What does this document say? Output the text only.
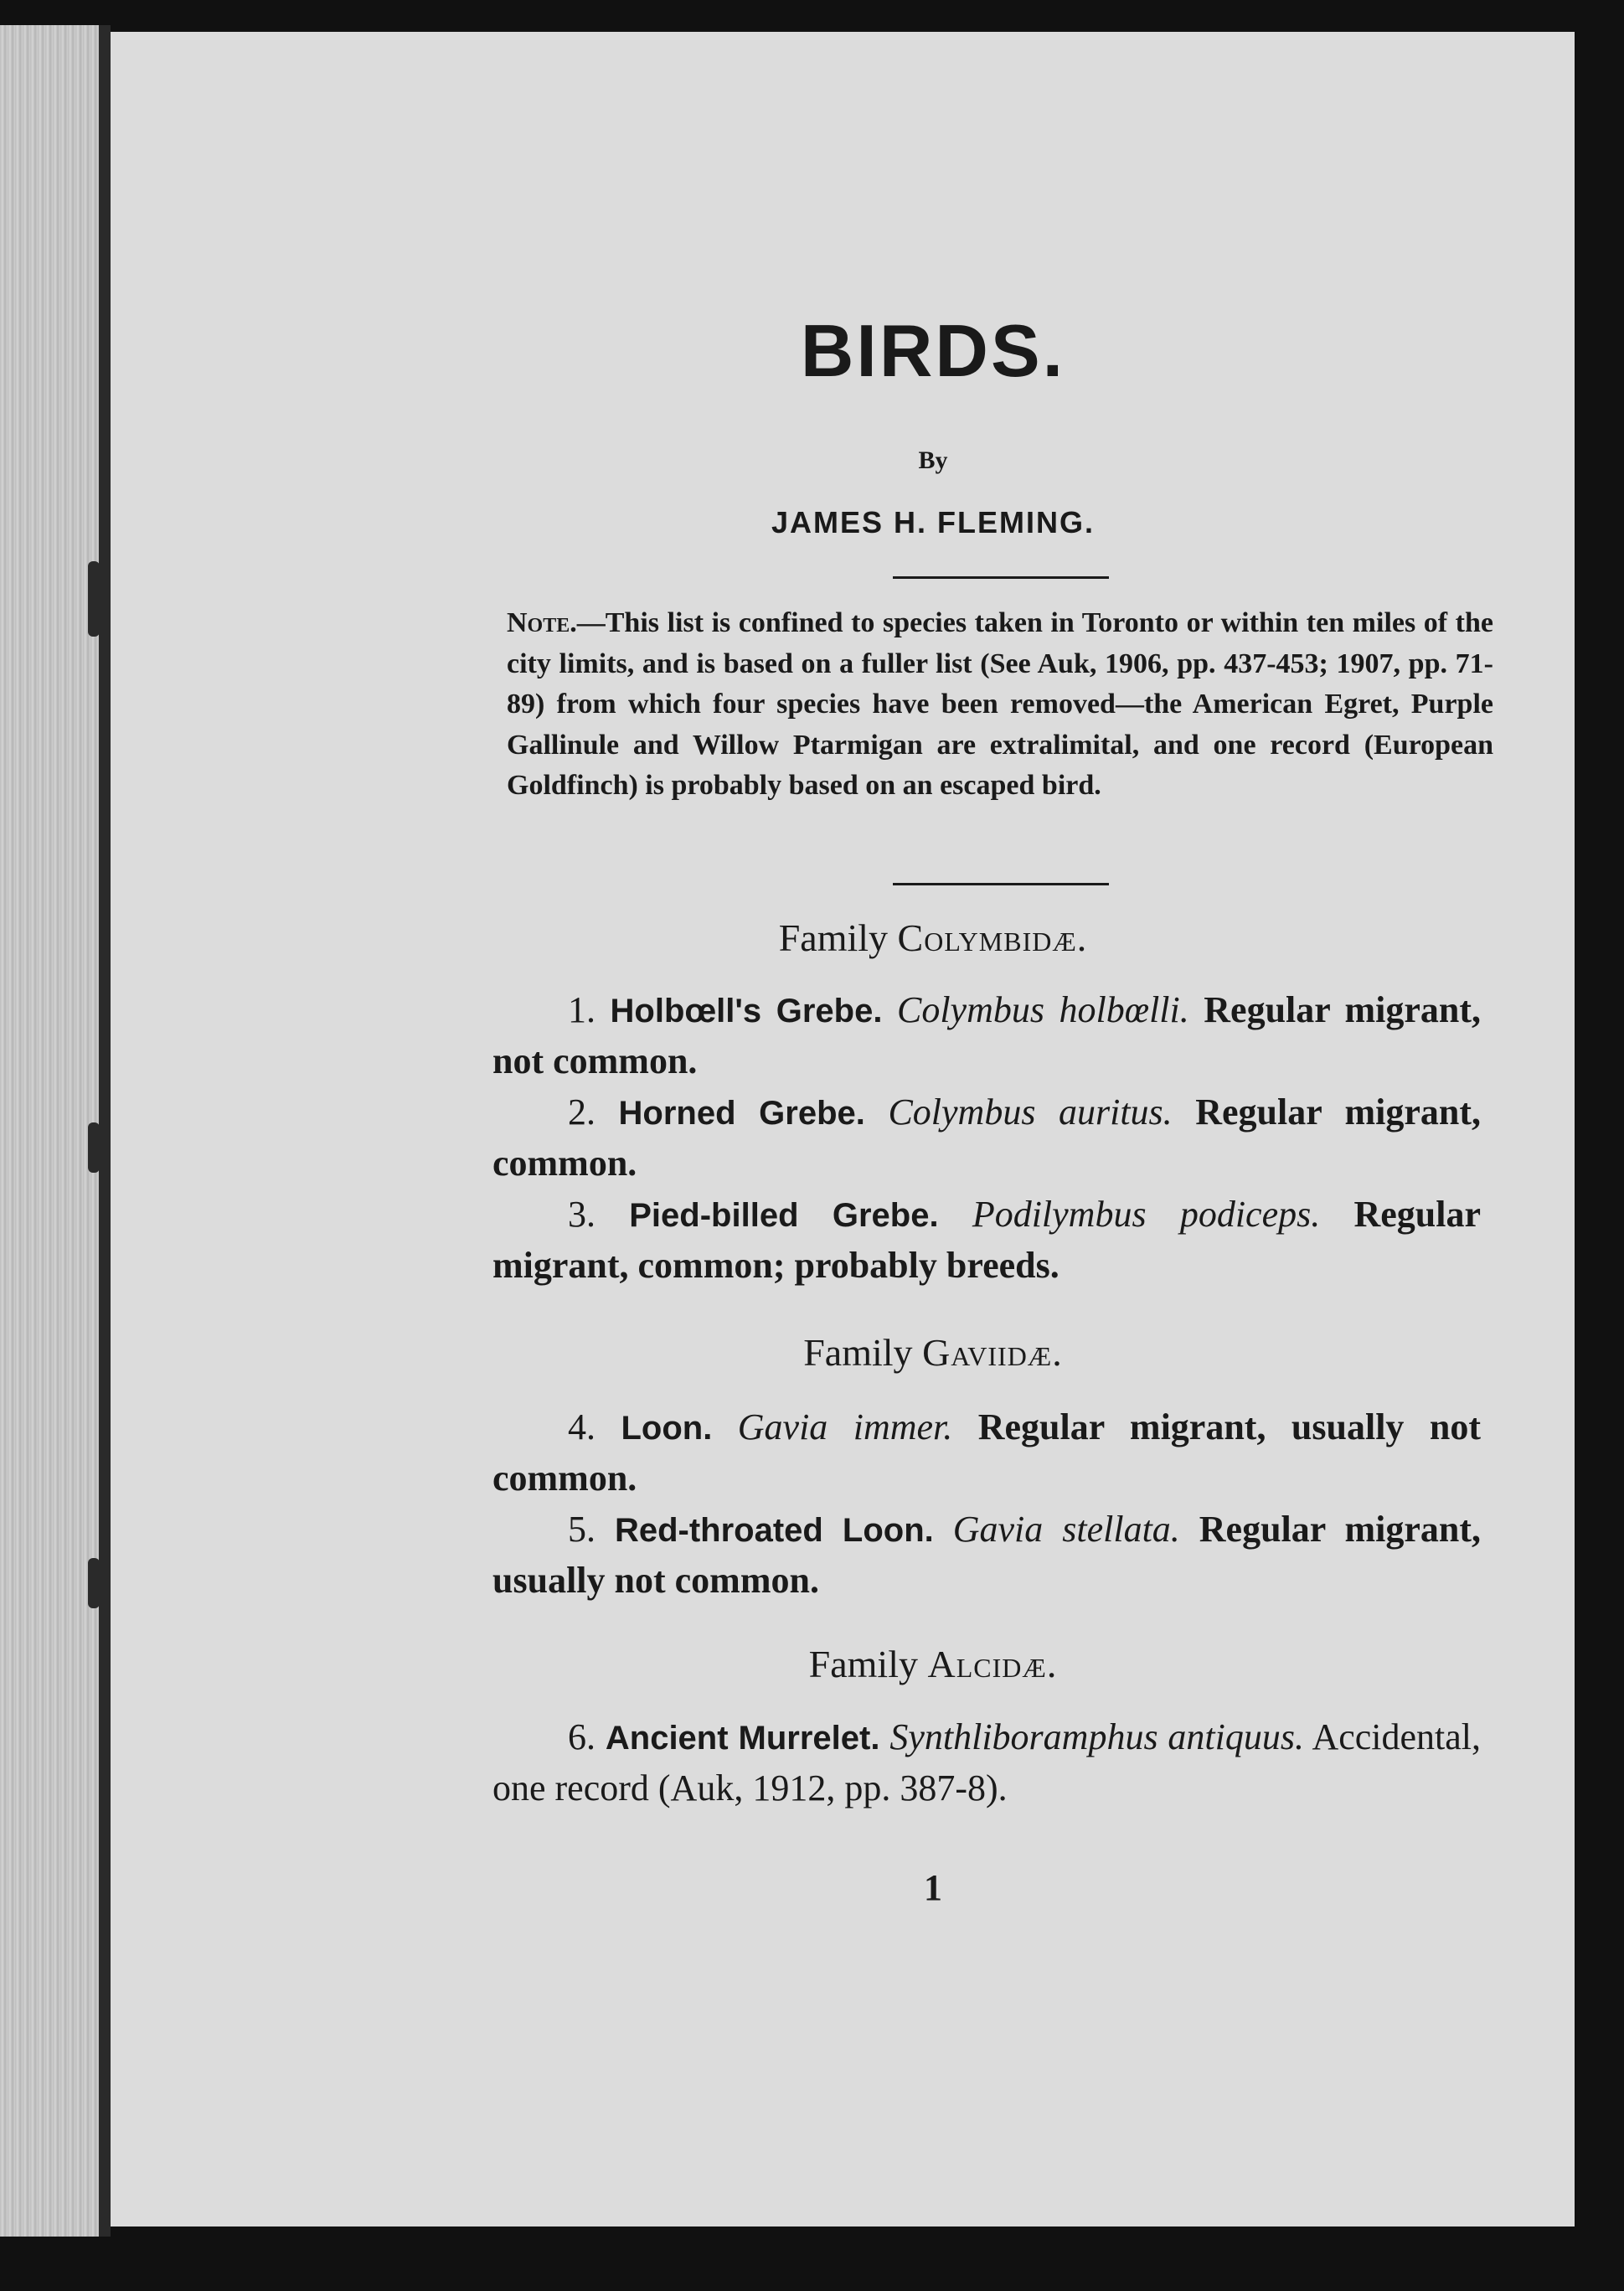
BIRDS.
By
JAMES H. FLEMING.
Note.—This list is confined to species taken in Toronto or within ten miles of the city limits, and is based on a fuller list (See Auk, 1906, pp. 437-453; 1907, pp. 71-89) from which four species have been removed—the American Egret, Purple Gallinule and Willow Ptarmigan are extralimital, and one record (European Goldfinch) is probably based on an escaped bird.
Family Colymbidæ.
1. Holbœll's Grebe. Colymbus holbœlli. Regular migrant, not common.
2. Horned Grebe. Colymbus auritus. Regular migrant, common.
3. Pied-billed Grebe. Podilymbus podiceps. Regular migrant, common; probably breeds.
Family Gaviidæ.
4. Loon. Gavia immer. Regular migrant, usually not common.
5. Red-throated Loon. Gavia stellata. Regular migrant, usually not common.
Family Alcidæ.
6. Ancient Murrelet. Synthliboramphus antiquus. Accidental, one record (Auk, 1912, pp. 387-8).
1
